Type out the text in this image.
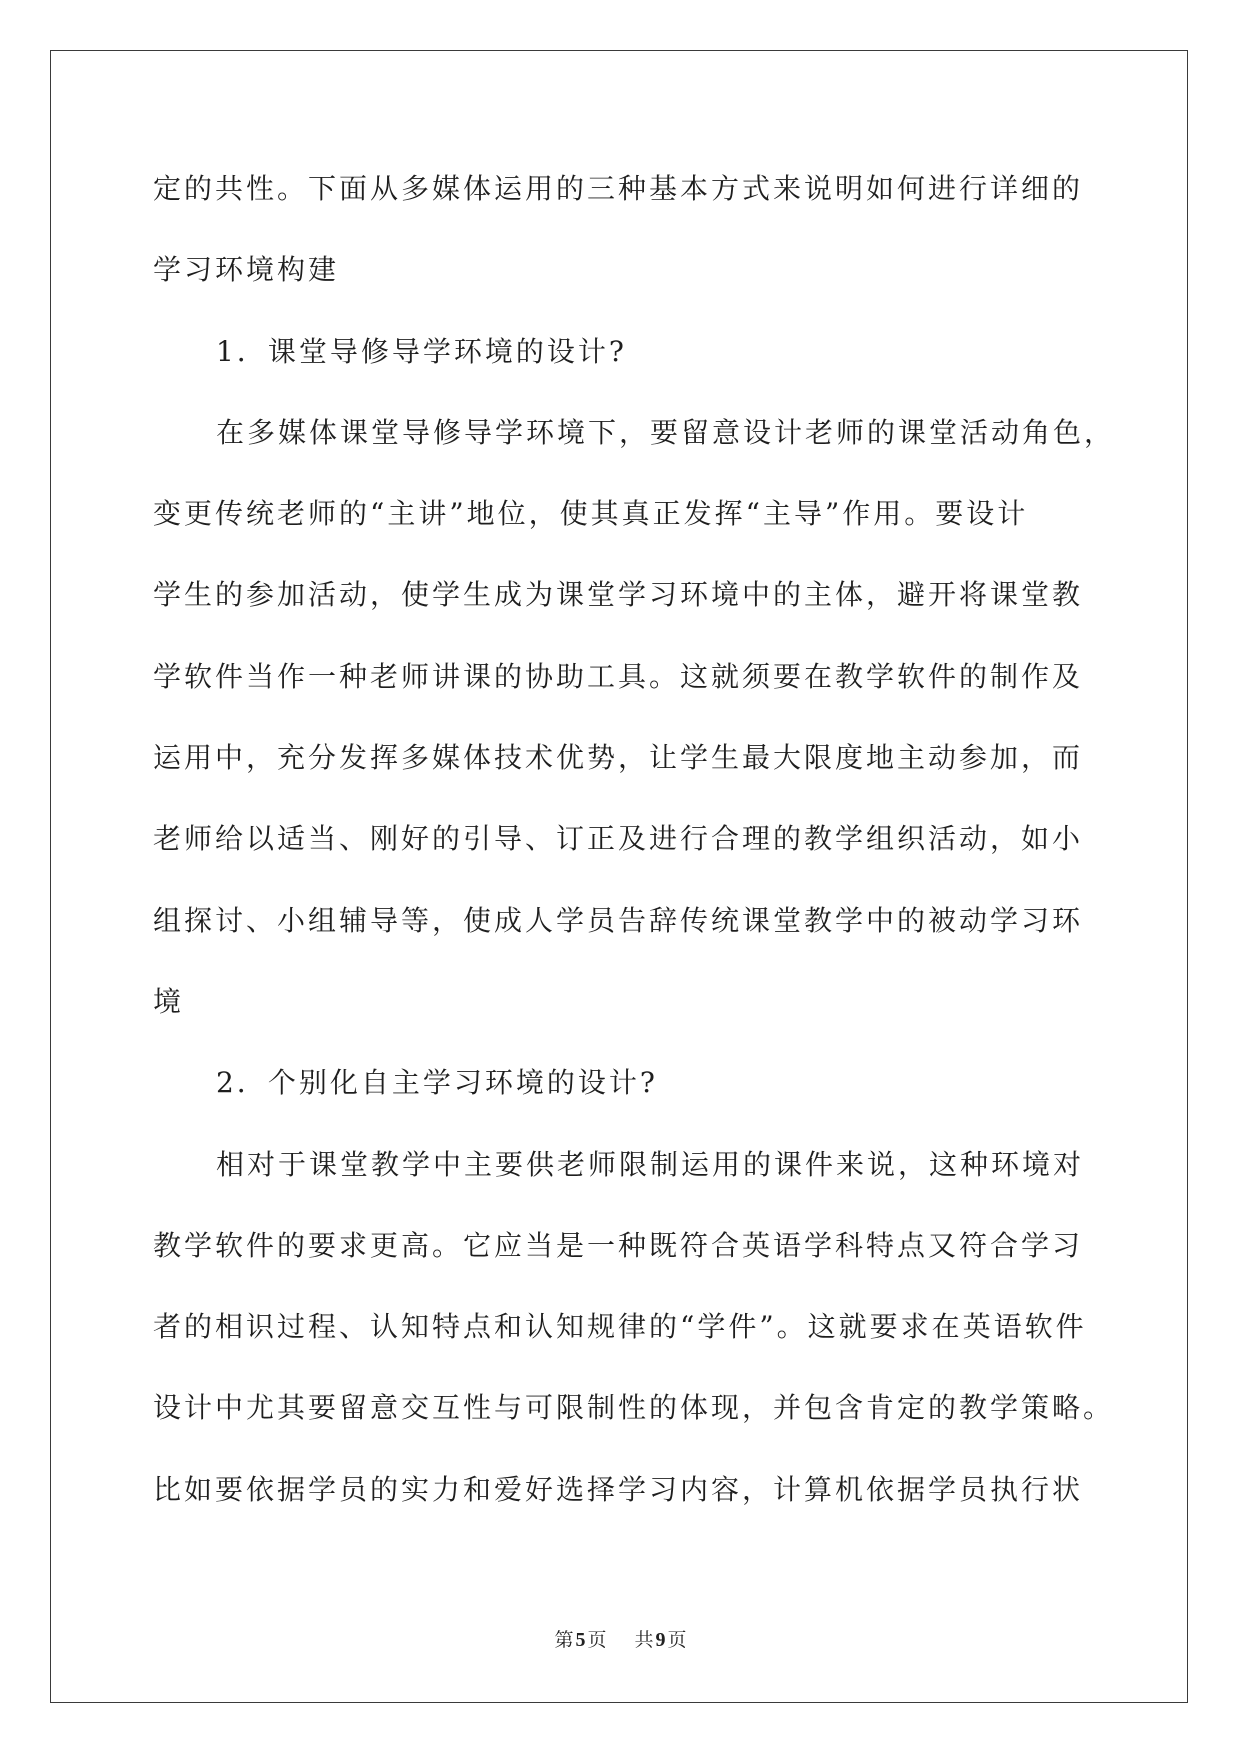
定的共性。下面从多媒体运用的三种基本方式来说明如何进行详细的
学习环境构建
1．课堂导修导学环境的设计?
在多媒体课堂导修导学环境下，要留意设计老师的课堂活动角色，
变更传统老师的“主讲”地位，使其真正发挥“主导”作用。要设计
学生的参加活动，使学生成为课堂学习环境中的主体，避开将课堂教
学软件当作一种老师讲课的协助工具。这就须要在教学软件的制作及
运用中，充分发挥多媒体技术优势，让学生最大限度地主动参加，而
老师给以适当、刚好的引导、订正及进行合理的教学组织活动，如小
组探讨、小组辅导等，使成人学员告辞传统课堂教学中的被动学习环
境
2．个别化自主学习环境的设计?
相对于课堂教学中主要供老师限制运用的课件来说，这种环境对
教学软件的要求更高。它应当是一种既符合英语学科特点又符合学习
者的相识过程、认知特点和认知规律的“学件”。这就要求在英语软件
设计中尤其要留意交互性与可限制性的体现，并包含肯定的教学策略。
比如要依据学员的实力和爱好选择学习内容，计算机依据学员执行状
第 5 页 共 9 页
